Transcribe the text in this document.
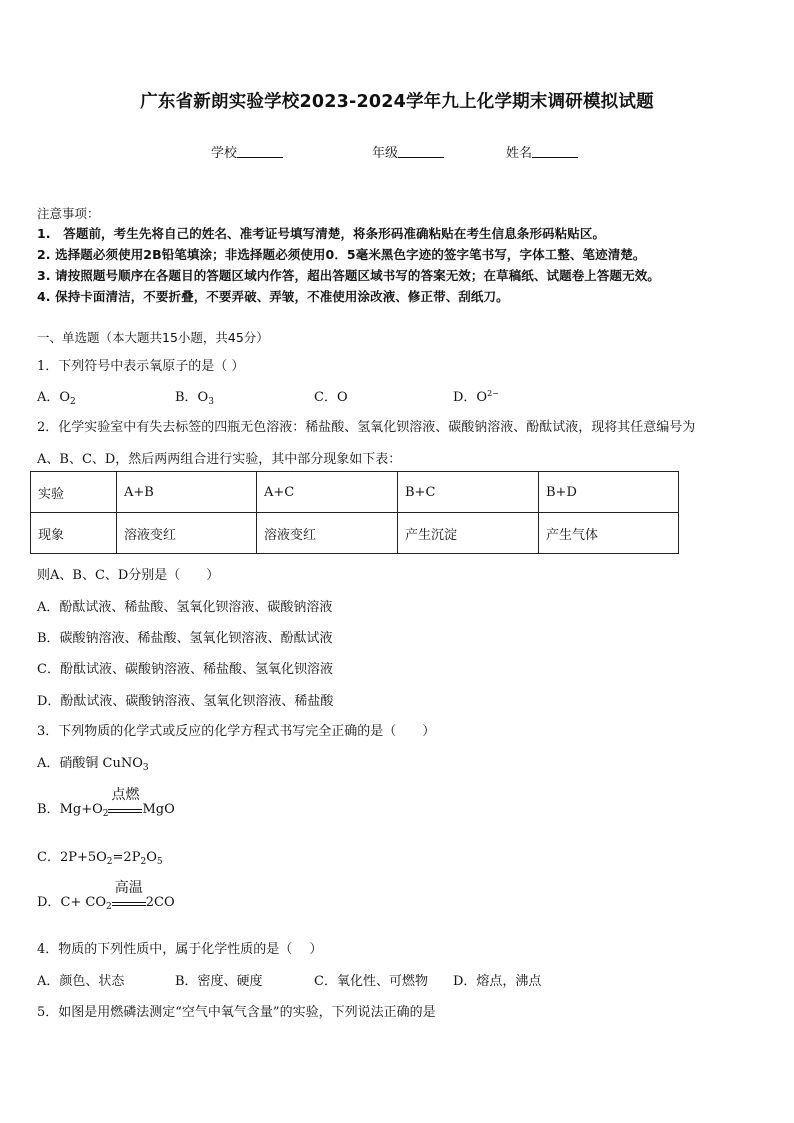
广东省新朗实验学校2023-2024学年九上化学期末调研模拟试题
学校	年级	姓名
注意事项：
1.　答题前，考生先将自己的姓名、准考证号填写清楚，将条形码准确粘贴在考生信息条形码粘贴区。
2. 选择题必须使用2B铅笔填涂；非选择题必须使用0．5毫米黑色字迹的签字笔书写，字体工整、笔迹清楚。
3. 请按照题号顺序在各题目的答题区域内作答，超出答题区域书写的答案无效；在草稿纸、试题卷上答题无效。
4. 保持卡面清洁，不要折叠，不要弄破、弄皱，不准使用涂改液、修正带、刮纸刀。
一、单选题（本大题共15小题，共45分）
1．下列符号中表示氧原子的是（ ）
A．$O_2$	B．$O_3$	C．O	D．$O^{2-}$
2．化学实验室中有失去标签的四瓶无色溶液：稀盐酸、氢氧化钡溶液、碳酸钠溶液、酚酞试液，现将其任意编号为
A、B、C、D，然后两两组合进行实验，其中部分现象如下表：
实验	A+B	A+C	B+C	B+D
现象	溶液变红	溶液变红	产生沉淀	产生气体
则A、B、C、D分别是（　　）
A．酚酞试液、稀盐酸、氢氧化钡溶液、碳酸钠溶液
B．碳酸钠溶液、稀盐酸、氢氧化钡溶液、酚酞试液
C．酚酞试液、碳酸钠溶液、稀盐酸、氢氧化钡溶液
D．酚酞试液、碳酸钠溶液、氢氧化钡溶液、稀盐酸
3．下列物质的化学式或反应的化学方程式书写完全正确的是（　　）
A．硝酸铜 CuNO$_3$
B．$Mg+O_2$
点燃
MgO
C．$2P+5O_2=2P_2O_5$
D．$C+ CO_2$
高温
2CO
4．物质的下列性质中，属于化学性质的是（　 ）
A．颜色、状态	B．密度、硬度	C．氧化性、可燃物 D．熔点，沸点
5．如图是用燃磷法测定“空气中氧气含量”的实验，下列说法正确的是
